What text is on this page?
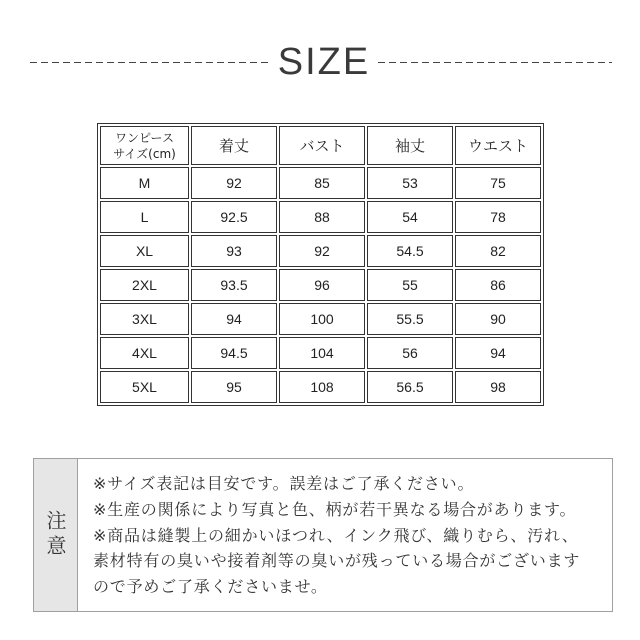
SIZE
ワンピース
サイズ(cm)	着丈	バスト	袖丈	ウエスト
M	92	85	53	75
L	92.5	88	54	78
XL	93	92	54.5	82
2XL	93.5	96	55	86
3XL	94	100	55.5	90
4XL	94.5	104	56	94
5XL	95	108	56.5	98
注意
※サイズ表記は目安です。誤差はご了承ください。
※生産の関係により写真と色、柄が若干異なる場合があります。
※商品は縫製上の細かいほつれ、インク飛び、織りむら、汚れ、
素材特有の臭いや接着剤等の臭いが残っている場合がございます
ので予めご了承くださいませ。
